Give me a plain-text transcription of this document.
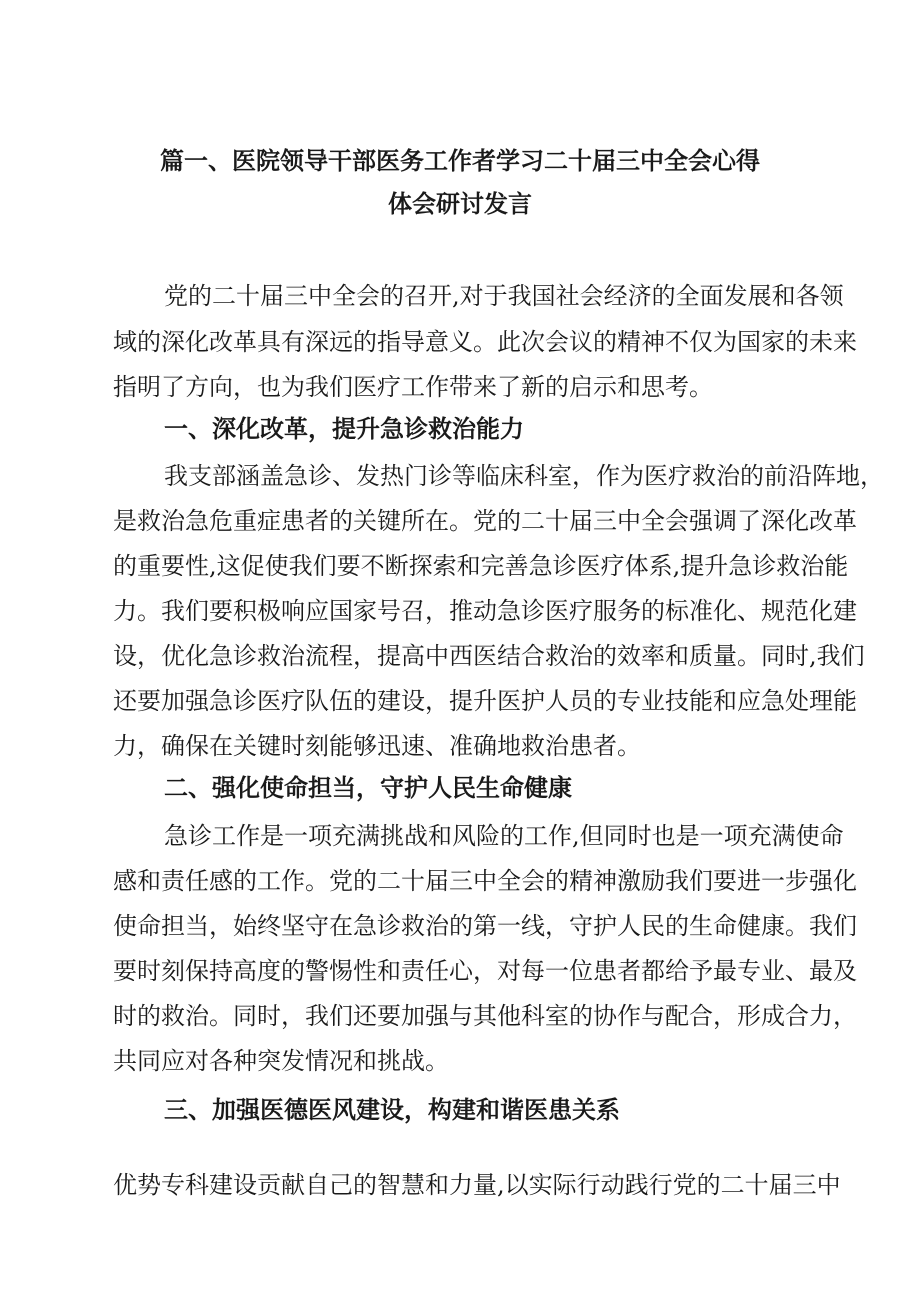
篇一、医院领导干部医务工作者学习二十届三中全会心得
体会研讨发言
党的二十届三中全会的召开,对于我国社会经济的全面发展和各领
域的深化改革具有深远的指导意义。此次会议的精神不仅为国家的未来
指明了方向，也为我们医疗工作带来了新的启示和思考。
一、深化改革，提升急诊救治能力
我支部涵盖急诊、发热门诊等临床科室，作为医疗救治的前沿阵地，
是救治急危重症患者的关键所在。党的二十届三中全会强调了深化改革
的重要性,这促使我们要不断探索和完善急诊医疗体系,提升急诊救治能
力。我们要积极响应国家号召，推动急诊医疗服务的标准化、规范化建
设，优化急诊救治流程，提高中西医结合救治的效率和质量。同时,我们
还要加强急诊医疗队伍的建设，提升医护人员的专业技能和应急处理能
力，确保在关键时刻能够迅速、准确地救治患者。
二、强化使命担当，守护人民生命健康
急诊工作是一项充满挑战和风险的工作,但同时也是一项充满使命
感和责任感的工作。党的二十届三中全会的精神激励我们要进一步强化
使命担当，始终坚守在急诊救治的第一线，守护人民的生命健康。我们
要时刻保持高度的警惕性和责任心，对每一位患者都给予最专业、最及
时的救治。同时，我们还要加强与其他科室的协作与配合，形成合力，
共同应对各种突发情况和挑战。
三、加强医德医风建设，构建和谐医患关系
优势专科建设贡献自己的智慧和力量,以实际行动践行党的二十届三中
